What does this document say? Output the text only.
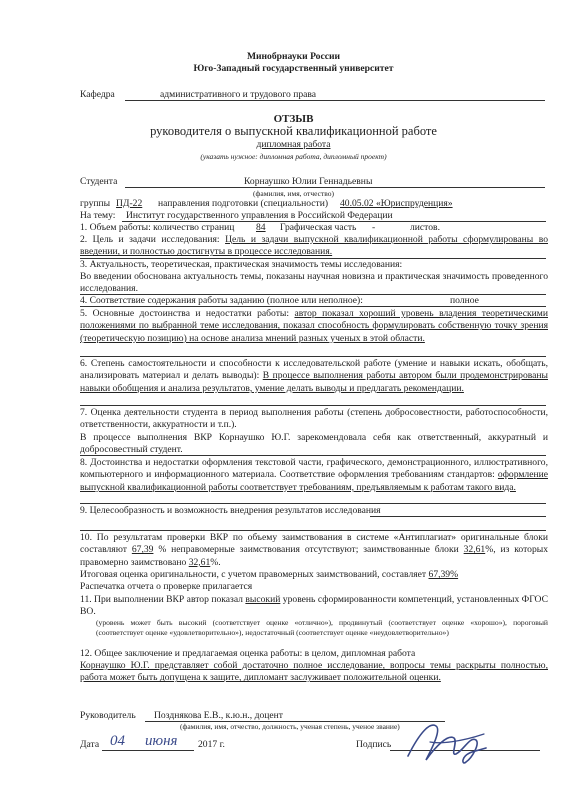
Минобрнауки России
Юго-Западный государственный университет
Кафедра	административного и трудового права
ОТЗЫВ
руководителя о выпускной квалификационной работе
дипломная работа
(указать нужное: дипломная работа, дипломный проект)
Студента	Корнаушко Юлии Геннадьевны
(фамилия, имя, отчество)
группы ПД-22 направления подготовки (специальности) 40.05.02 «Юриспруденция»
На тему: Институт государственного управления в Российской Федерации
1. Объем работы: количество страниц 84 Графическая часть -	листов.
2. Цель и задачи исследования: Цель и задачи выпускной квалификационной работы сформулированы во введении, и полностью достигнуты в процессе исследования.
3. Актуальность, теоретическая, практическая значимость темы исследования:
Во введении обоснована актуальность темы, показаны научная новизна и практическая значимость проведенного исследования.
4. Соответствие содержания работы заданию (полное или неполное):	полное
5. Основные достоинства и недостатки работы: автор показал хороший уровень владения теоретическими положениями по выбранной теме исследования, показал способность формулировать собственную точку зрения (теоретическую позицию) на основе анализа мнений разных ученых в этой области.
6. Степень самостоятельности и способности к исследовательской работе (умение и навыки искать, обобщать, анализировать материал и делать выводы): В процессе выполнения работы автором были продемонстрированы навыки обобщения и анализа результатов, умение делать выводы и предлагать рекомендации.
7. Оценка деятельности студента в период выполнения работы (степень добросовестности, работоспособности, ответственности, аккуратности и т.п.).
В процессе выполнения ВКР Корнаушко Ю.Г. зарекомендовала себя как ответственный, аккуратный и добросовестный студент.
8. Достоинства и недостатки оформления текстовой части, графического, демонстрационного, иллюстративного, компьютерного и информационного материала. Соответствие оформления требованиям стандартов: оформление выпускной квалификационной работы соответствует требованиям, предъявляемым к работам такого вида.
9. Целесообразность и возможность внедрения результатов исследования
10. По результатам проверки ВКР по объему заимствования в системе «Антиплагиат» оригинальные блоки составляют 67,39 % неправомерные заимствования отсутствуют; заимствованные блоки 32,61%, из которых правомерно заимствовано 32,61%.
Итоговая оценка оригинальности, с учетом правомерных заимствований, составляет 67,39%
Распечатка отчета о проверке прилагается
11. При выполнении ВКР автор показал высокий уровень сформированности компетенций, установленных ФГОС ВО.
(уровень может быть высокий (соответствует оценке «отлично»), продвинутый (соответствует оценке «хорошо»), пороговый (соответствует оценке «удовлетворительно»), недостаточный (соответствует оценке «неудовлетворительно»)
12. Общее заключение и предлагаемая оценка работы: в целом, дипломная работа
Корнаушко Ю.Г. представляет собой достаточно полное исследование, вопросы темы раскрыты полностью, работа может быть допущена к защите, дипломант заслуживает положительной оценки.
Руководитель Позднякова Е.В., к.ю.н., доцент
(фамилия, имя, отчество, должность, ученая степень, ученое звание)
Дата 04 июня 2017 г.	Подпись
